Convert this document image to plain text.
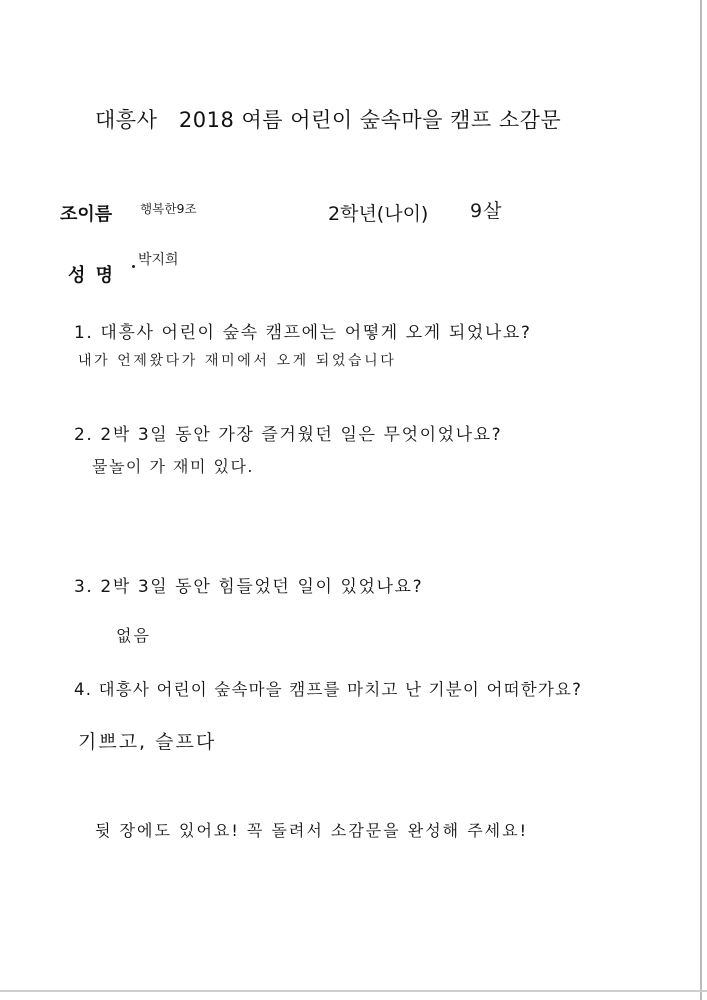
대흥사   2018 여름 어린이 숲속마을 캠프 소감문
조이름 행복한9조	2학년(나이) 9살
성 명
박지희
1. 대흥사 어린이 숲속 캠프에는 어떻게 오게 되었나요?
내가 언제왔다가 재미에서 오게 되었습니다
2. 2박 3일 동안 가장 즐거웠던 일은 무엇이었나요?
물놀이 가 재미 있다.
3. 2박 3일 동안 힘들었던 일이 있었나요?
없음
4. 대흥사 어린이 숲속마을 캠프를 마치고 난 기분이 어떠한가요?
기쁘고, 슬프다
뒷 장에도 있어요! 꼭 돌려서 소감문을 완성해 주세요!
